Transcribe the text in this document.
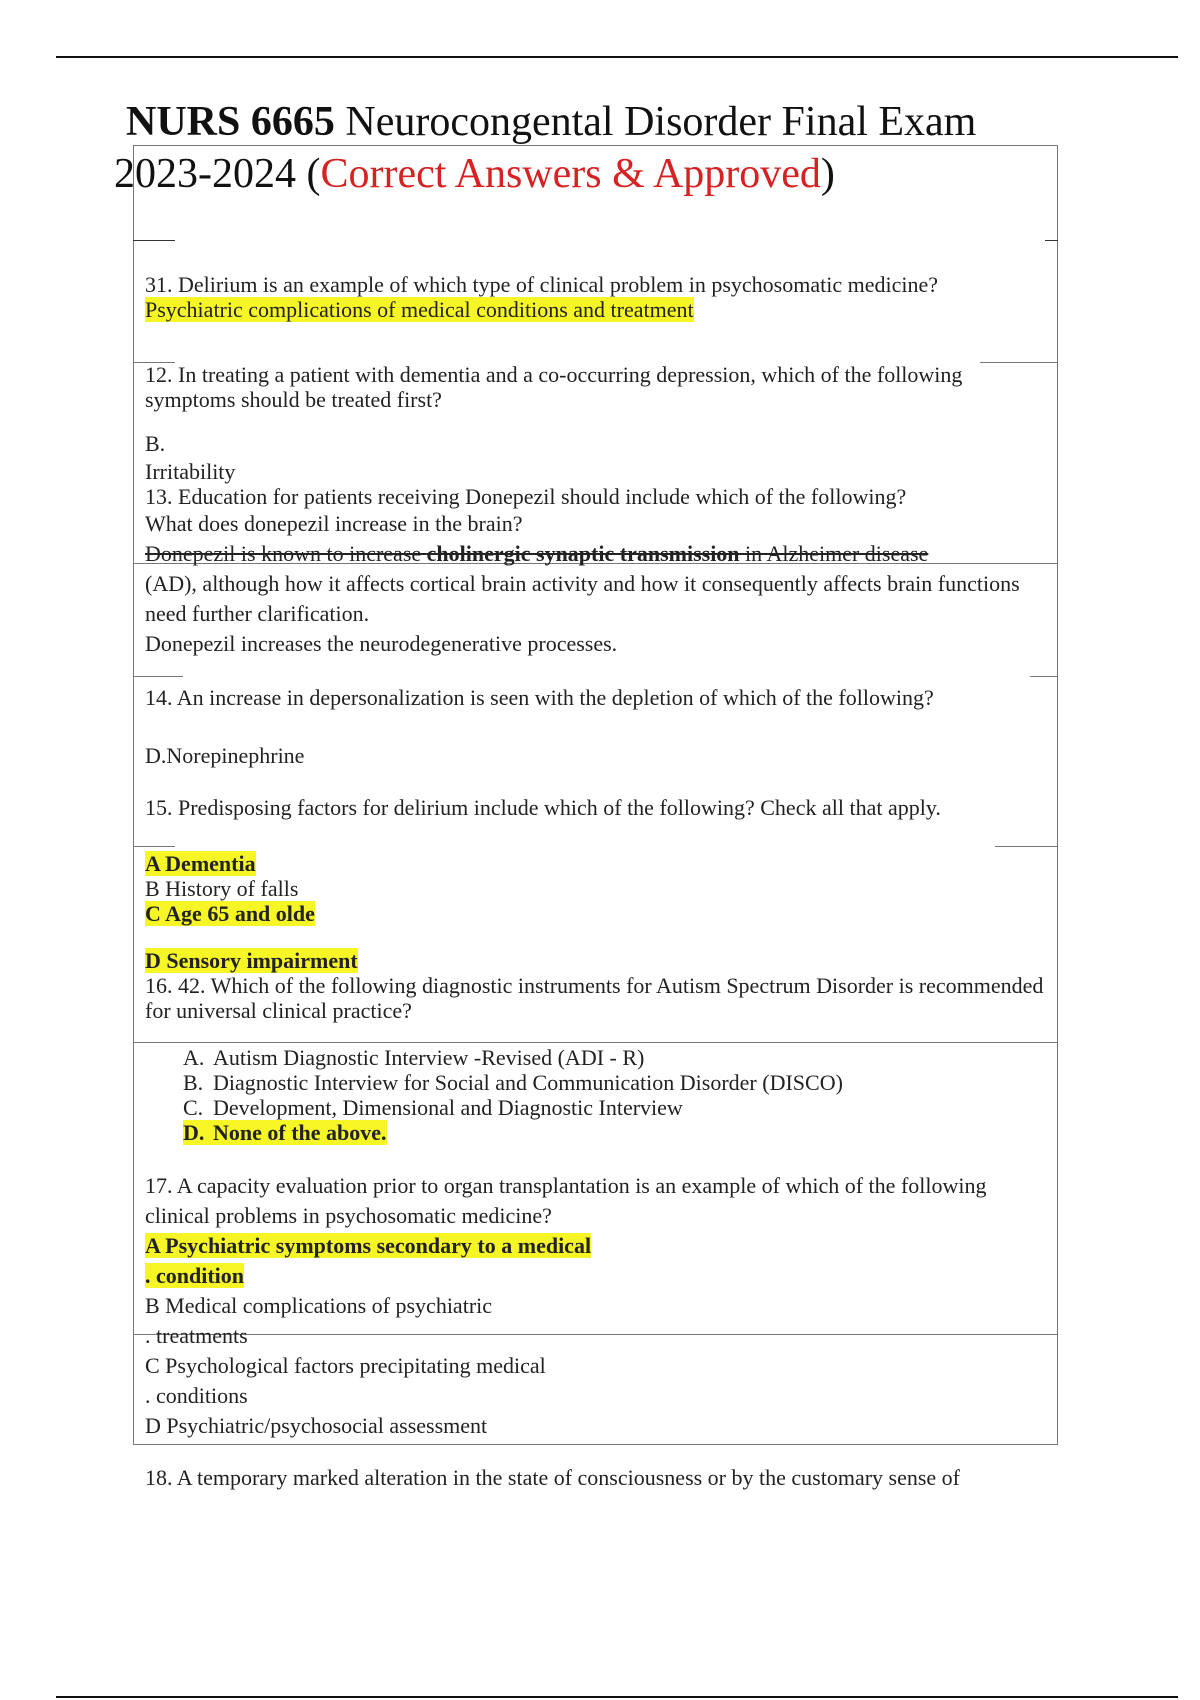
NURS 6665 Neurocongental Disorder Final Exam
2023-2024 (Correct Answers & Approved)

31. Delirium is an example of which type of clinical problem in psychosomatic medicine?

Psychiatric complications of medical conditions and treatment

12. In treating a patient with dementia and a co-occurring depression, which of the following symptoms should be treated first?

B.

Irritability

13. Education for patients receiving Donepezil should include which of the following?

What does donepezil increase in the brain?

Donepezil is known to increase cholinergic synaptic transmission in Alzheimer disease

(AD), although how it affects cortical brain activity and how it consequently affects brain functions need further clarification.

Donepezil increases the neurodegenerative processes.

14. An increase in depersonalization is seen with the depletion of which of the following?

D.Norepinephrine

15. Predisposing factors for delirium include which of the following? Check all that apply.

A Dementia

B History of falls

C Age 65 and olde

D Sensory impairment

16. 42. Which of the following diagnostic instruments for Autism Spectrum Disorder is recommended for universal clinical practice?

A. Autism Diagnostic Interview -Revised (ADI - R)
B. Diagnostic Interview for Social and Communication Disorder (DISCO)
C. Development, Dimensional and Diagnostic Interview
D. None of the above.

17. A capacity evaluation prior to organ transplantation is an example of which of the following clinical problems in psychosomatic medicine?

A Psychiatric symptoms secondary to a medical

. condition

B Medical complications of psychiatric

. treatments

C Psychological factors precipitating medical

. conditions

D Psychiatric/psychosocial assessment

18. A temporary marked alteration in the state of consciousness or by the customary sense of
